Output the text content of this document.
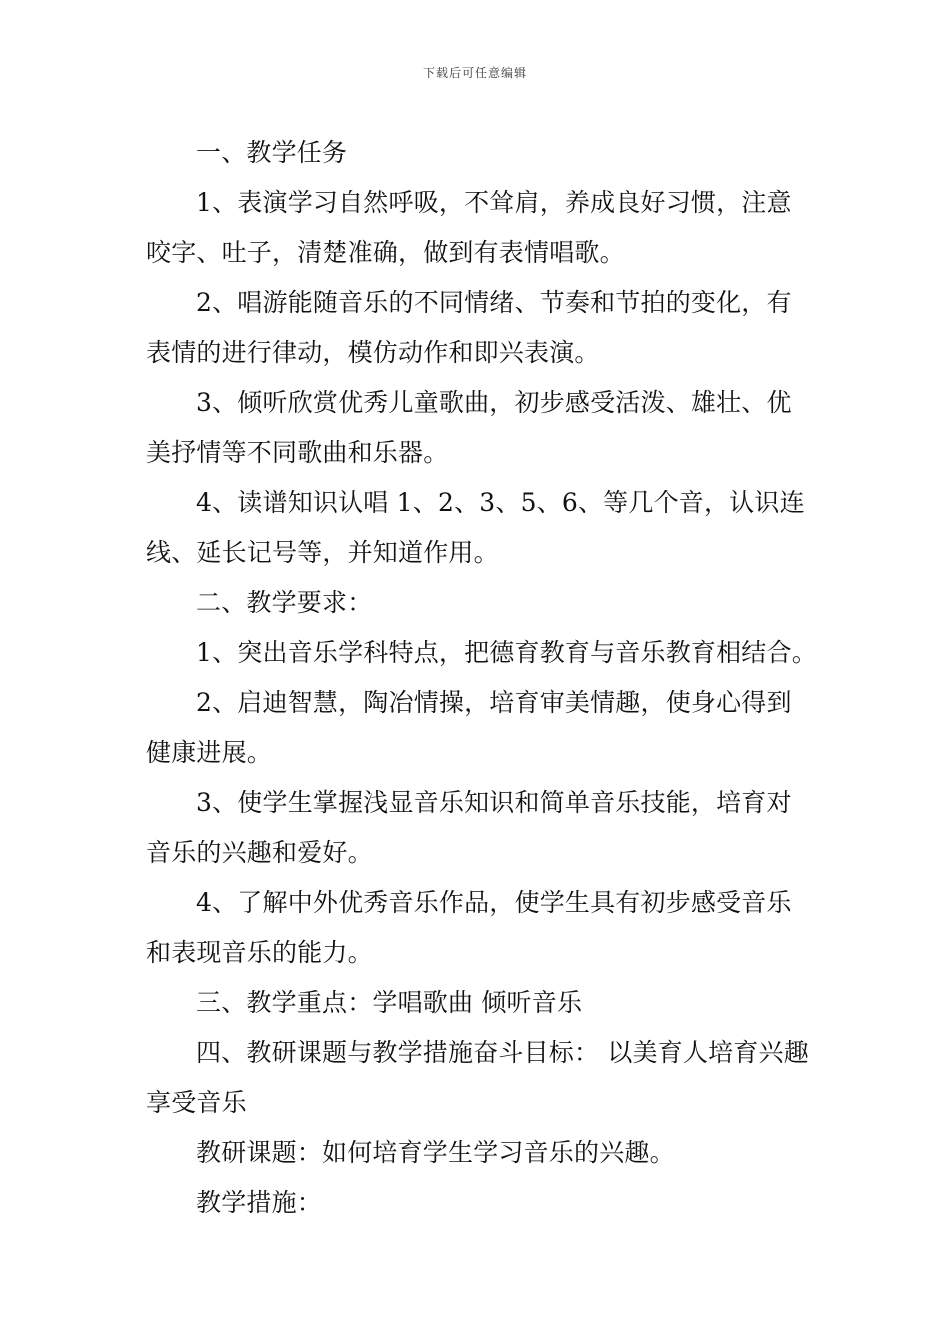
下载后可任意编辑

一、教学任务

1、表演学习自然呼吸，不耸肩，养成良好习惯，注意咬字、吐子，清楚准确，做到有表情唱歌。

2、唱游能随音乐的不同情绪、节奏和节拍的变化，有表情的进行律动，模仿动作和即兴表演。

3、倾听欣赏优秀儿童歌曲，初步感受活泼、雄壮、优美抒情等不同歌曲和乐器。

4、读谱知识认唱 1、2、3、5、6、等几个音，认识连线、延长记号等，并知道作用。

二、教学要求：

1、突出音乐学科特点，把德育教育与音乐教育相结合。

2、启迪智慧，陶冶情操，培育审美情趣，使身心得到健康进展。

3、使学生掌握浅显音乐知识和简单音乐技能，培育对音乐的兴趣和爱好。

4、了解中外优秀音乐作品，使学生具有初步感受音乐和表现音乐的能力。

三、教学重点：学唱歌曲 倾听音乐

四、教研课题与教学措施奋斗目标： 以美育人培育兴趣 享受音乐

教研课题：如何培育学生学习音乐的兴趣。

教学措施：
